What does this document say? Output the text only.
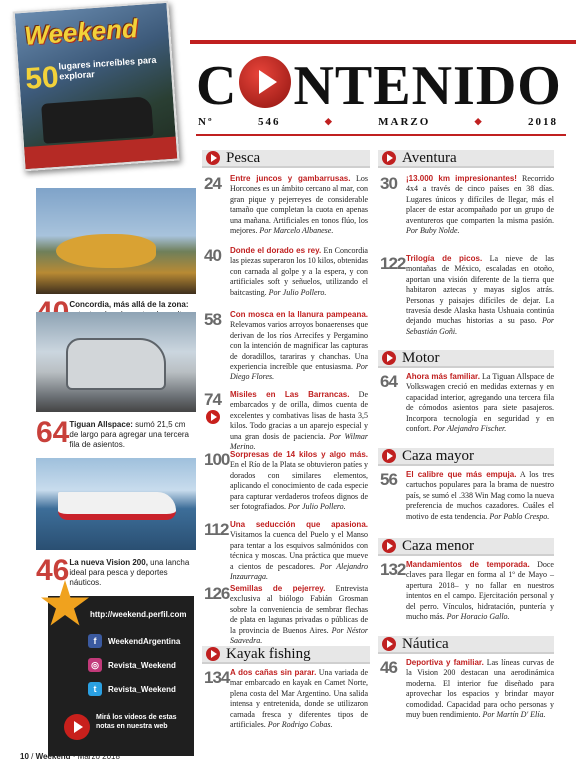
Weekend
50
lugares increíbles para explorar	C NTENIDO
Nº	546	◆	MARZO	◆	2018
Concordia, más allá de la zona:
64 Tiguan Allspace: sumó 21,5 cm de largo para agregar una tercera fila de asientos.
46 La nueva Vision 200, una lancha ideal para pesca y deportes náuticos.
http://weekend.perfil.com
f	WeekendArgentina
◎	Revista_Weekend
t	Revista_Weekend
Mirá los videos de estas notas en nuestra web
Pesca
24	Entre juncos y gambarrusas. Los Horcones es un ámbito cercano al mar, con gran pique y pejerreyes de considerable tamaño que completan la cuota en apenas una mañana. Artificiales en tonos flúo, los mejores. Por Marcelo Albanese.
40	Donde el dorado es rey. En Concordia las piezas superaron los 10 kilos, obtenidas con carnada al golpe y a la espera, y con artificiales soft y señuelos, utilizando el baitcasting. Por Julio Pollero.
58	Con mosca en la llanura pampeana. Relevamos varios arroyos bonaerenses que derivan de los ríos Arrecifes y Pergamino con la intención de magnificar las capturas de doradillos, tarariras y chanchas. Una experiencia increíble que entusiasma. Por Diego Flores.
74	Misiles en Las Barrancas. De embarcados y de orilla, dimos cuenta de excelentes y combativas lisas de hasta 3,5 kilos. Todo gracias a un aparejo especial y una gran dosis de paciencia. Por Wilmar Merino.
100 Sorpresas de 14 kilos y algo más. En el Río de la Plata se obtuvieron patíes y dorados con similares elementos, aplicando el conocimiento de cada especie para capturar verdaderos trofeos dignos de ser fotografiados. Por Julio Pollero.
112 Una seducción que apasiona. Visitamos la cuenca del Puelo y el Manso para tentar a los esquivos salmónidos con técnica y moscas. Una práctica que mueve a cientos de pescadores. Por Alejandro Inzaurraga.
126 Semillas de pejerrey. Entrevista exclusiva al biólogo Fabián Grosman sobre la conveniencia de sembrar flechas de plata en lagunas privadas o públicas de la provincia de Buenos Aires. Por Néstor Saavedra.
Kayak fishing
134 A dos cañas sin parar. Una variada de mar embarcado en kayak en Camet Norte, plena costa del Mar Argentino. Una salida intensa y entretenida, donde se utilizaron carnada fresca y diferentes tipos de artificiales. Por Rodrigo Cobas.
Aventura
30	¡13.000 km impresionantes! Recorrido 4x4 a través de cinco países en 38 días. Lugares únicos y difíciles de llegar, más el placer de estar acompañado por un grupo de aventureros que comparten la misma pasión. Por Buby Nolde.
122 Trilogía de picos. La nieve de las montañas de México, escaladas en otoño, aportan una visión diferente de la tierra que habitaron aztecas y mayas siglos atrás. Personas y paisajes difíciles de dejar. La travesía desde Alaska hasta Ushuaia continúa dejando muchas historias a su paso. Por Sebastián Goñi.
Motor
64	Ahora más familiar. La Tiguan Allspace de Volkswagen creció en medidas externas y en capacidad interior, agregando una tercera fila de cómodos asientos para siete pasajeros. Incorpora tecnología en seguridad y en confort. Por Alejandro Fischer.
Caza mayor
56	El calibre que más empuja. A los tres cartuchos populares para la brama de nuestro país, se sumó el .338 Win Mag como la nueva preferencia de muchos cazadores. Cuáles el motivo de esta tendencia. Por Pablo Crespo.
Caza menor
132 Mandamientos de temporada. Doce claves para llegar en forma al 1º de Mayo –apertura 2018– y no fallar en nuestros intentos en el campo. Ejercitación personal y del perro. Vínculos, hidratación, puntería y mucho más. Por Horacio Gallo.
Náutica
46	Deportiva y familiar. Las líneas curvas de la Vision 200 destacan una aerodinámica moderna. El interior fue diseñado para aprovechar los espacios y brindar mayor comodidad. Capacidad para ocho personas y muy buen rendimiento. Por Martín D' Elía.
10 / Weekend · Marzo 2018
